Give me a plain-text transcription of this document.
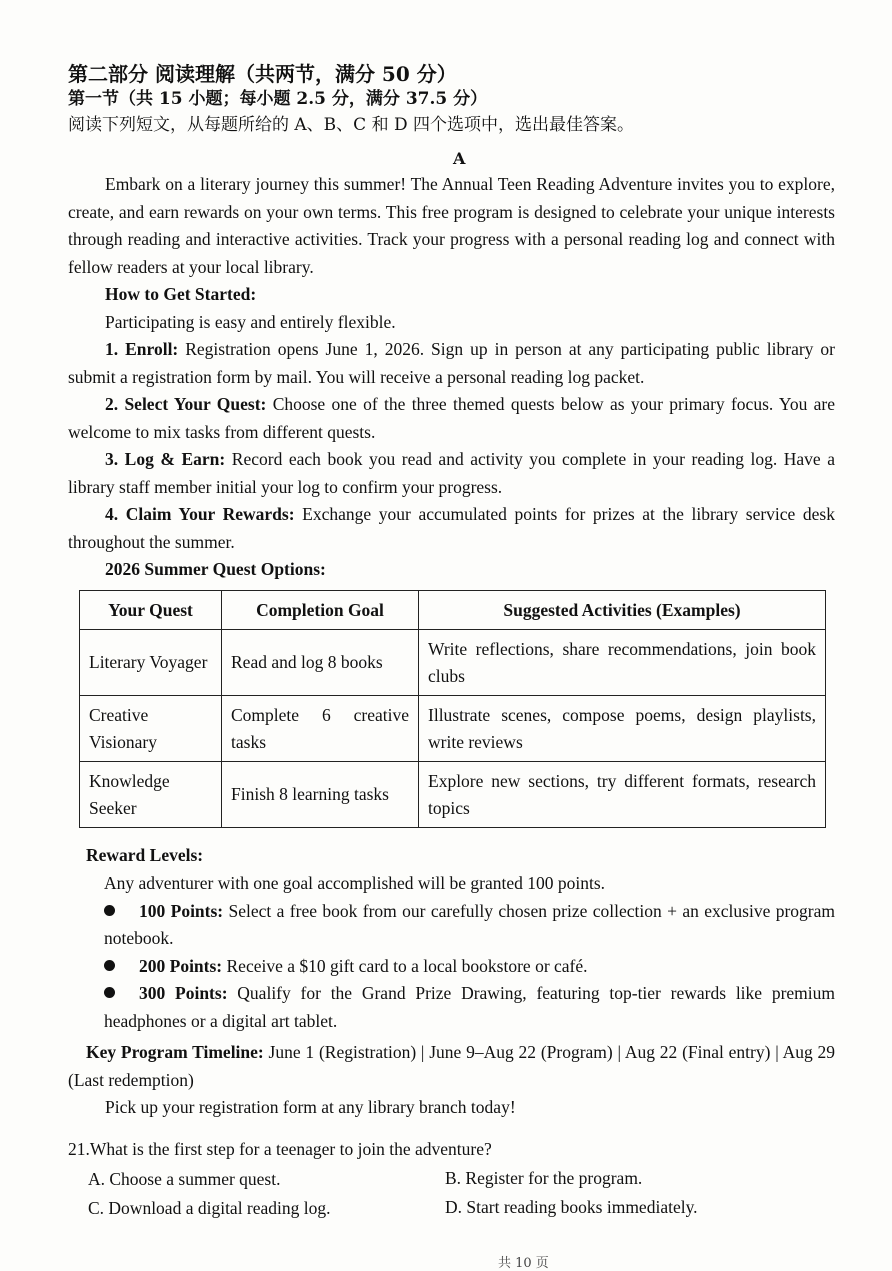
第二部分 阅读理解（共两节，满分 50 分）
第一节（共 15 小题；每小题 2.5 分，满分 37.5 分）
阅读下列短文，从每题所给的 A、B、C 和 D 四个选项中，选出最佳答案。
A

Embark on a literary journey this summer! The Annual Teen Reading Adventure invites you to explore, create, and earn rewards on your own terms. This free program is designed to celebrate your unique interests through reading and interactive activities. Track your progress with a personal reading log and connect with fellow readers at your local library.

How to Get Started:

Participating is easy and entirely flexible.

1. Enroll: Registration opens June 1, 2026. Sign up in person at any participating public library or submit a registration form by mail. You will receive a personal reading log packet.

2. Select Your Quest: Choose one of the three themed quests below as your primary focus. You are welcome to mix tasks from different quests.

3. Log & Earn: Record each book you read and activity you complete in your reading log. Have a library staff member initial your log to confirm your progress.

4. Claim Your Rewards: Exchange your accumulated points for prizes at the library service desk throughout the summer.

2026 Summer Quest Options:

Your Quest	Completion Goal	Suggested Activities (Examples)
Literary Voyager	Read and log 8 books	Write reflections, share recommendations, join book clubs
Creative Visionary	Complete 6 creative tasks	Illustrate scenes, compose poems, design playlists, write reviews
Knowledge Seeker	Finish 8 learning tasks	Explore new sections, try different formats, research topics

Reward Levels:

Any adventurer with one goal accomplished will be granted 100 points.

100 Points: Select a free book from our carefully chosen prize collection + an exclusive program notebook.

200 Points: Receive a $10 gift card to a local bookstore or café.

300 Points: Qualify for the Grand Prize Drawing, featuring top-tier rewards like premium headphones or a digital art tablet.

Key Program Timeline: June 1 (Registration) | June 9–Aug 22 (Program) | Aug 22 (Final entry) | Aug 29 (Last redemption)

Pick up your registration form at any library branch today!

21.What is the first step for a teenager to join the adventure?
A. Choose a summer quest.	B. Register for the program.
C. Download a digital reading log.	D. Start reading books immediately.
共 10 页
